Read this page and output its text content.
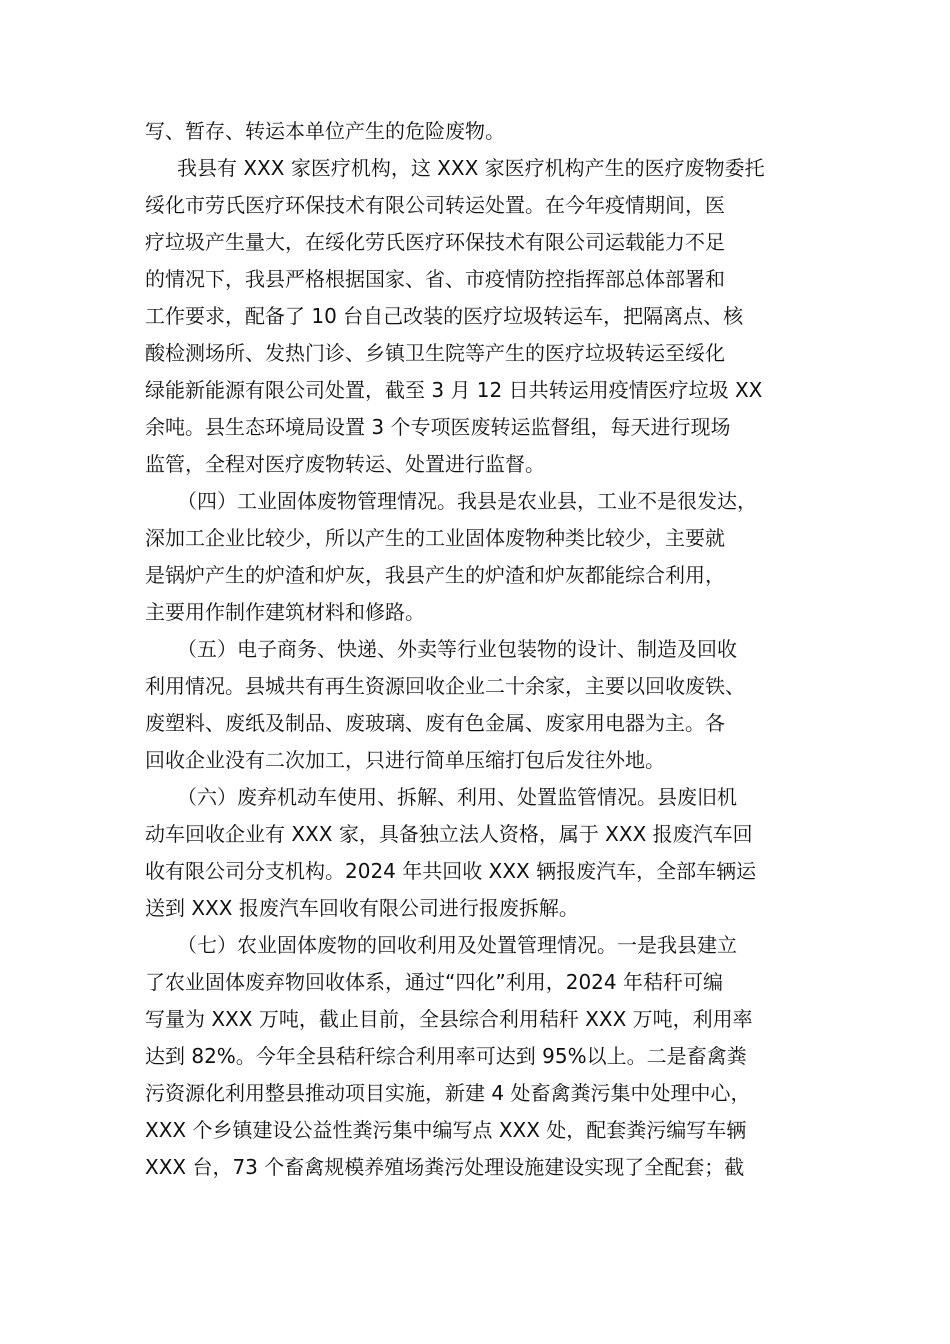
写、暂存、转运本单位产生的危险废物。
我县有 XXX 家医疗机构，这 XXX 家医疗机构产生的医疗废物委托
绥化市劳氏医疗环保技术有限公司转运处置。在今年疫情期间，医
疗垃圾产生量大，在绥化劳氏医疗环保技术有限公司运载能力不足
的情况下，我县严格根据国家、省、市疫情防控指挥部总体部署和
工作要求，配备了 10 台自己改装的医疗垃圾转运车，把隔离点、核
酸检测场所、发热门诊、乡镇卫生院等产生的医疗垃圾转运至绥化
绿能新能源有限公司处置，截至 3 月 12 日共转运用疫情医疗垃圾 XX
余吨。县生态环境局设置 3 个专项医废转运监督组，每天进行现场
监管，全程对医疗废物转运、处置进行监督。
（四）工业固体废物管理情况。我县是农业县，工业不是很发达，
深加工企业比较少，所以产生的工业固体废物种类比较少，主要就
是锅炉产生的炉渣和炉灰，我县产生的炉渣和炉灰都能综合利用，
主要用作制作建筑材料和修路。
（五）电子商务、快递、外卖等行业包装物的设计、制造及回收
利用情况。县城共有再生资源回收企业二十余家，主要以回收废铁、
废塑料、废纸及制品、废玻璃、废有色金属、废家用电器为主。各
回收企业没有二次加工，只进行简单压缩打包后发往外地。
（六）废弃机动车使用、拆解、利用、处置监管情况。县废旧机
动车回收企业有 XXX 家，具备独立法人资格，属于 XXX 报废汽车回
收有限公司分支机构。2024 年共回收 XXX 辆报废汽车，全部车辆运
送到 XXX 报废汽车回收有限公司进行报废拆解。
（七）农业固体废物的回收利用及处置管理情况。一是我县建立
了农业固体废弃物回收体系，通过“四化”利用，2024 年秸秆可编
写量为 XXX 万吨，截止目前，全县综合利用秸秆 XXX 万吨，利用率
达到 82%。今年全县秸秆综合利用率可达到 95%以上。二是畜禽粪
污资源化利用整县推动项目实施，新建 4 处畜禽粪污集中处理中心，
XXX 个乡镇建设公益性粪污集中编写点 XXX 处，配套粪污编写车辆
XXX 台，73 个畜禽规模养殖场粪污处理设施建设实现了全配套；截
